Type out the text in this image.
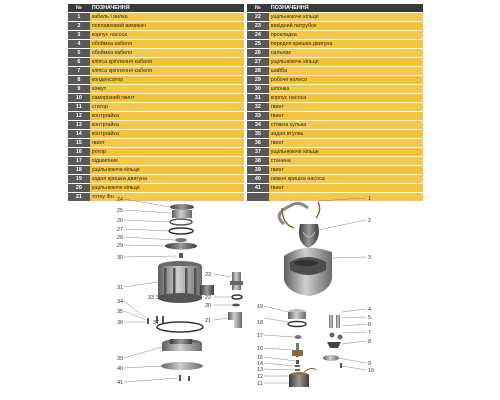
№	ПОЗНАЧЕННЯ
1	кабель і вилка
2	поплавковий вимикач
3	корпус насоса
4	обоймка кабеля
5	обоймка кабеля
6	кліпса кріплення кабеля
7	кліпса кріплення кабеля
8	конденсатор
9	хомут
10	саморізний гвинт
11	статор
12	контргайка
13	контргайка
14	контргайка
15	гвинт
16	ротор
17	підшипник
18	ущільнююче кільце
19	задня кришка двигуна
20	ущільнююче кільце
21	тотну Фн
№	ПОЗНАЧЕННЯ
22	ущільнююче кільце
23	вихідний патрубок
24	прокладка
25	передня кришка двигуна
26	сальник
27	ущільнююче кільце
28	шайба
29	робоче колесо
30	шпонка
31	корпус насоса
32	гвинт
33	гвинт
34	стяжна кулька
35	задня втулка
36	гвинт
37	ущільнююче кільце
38	станина
39	гвинт
40	нижня кришка насоса
41	гвинт

24
25
26
27
28
29
30
23
22
31
20
21
34
35
36
33 32
37
39
40
41
1
2
3
4
5
6
7
8
9
10
18
19
17
16
15
14
13
12
11
